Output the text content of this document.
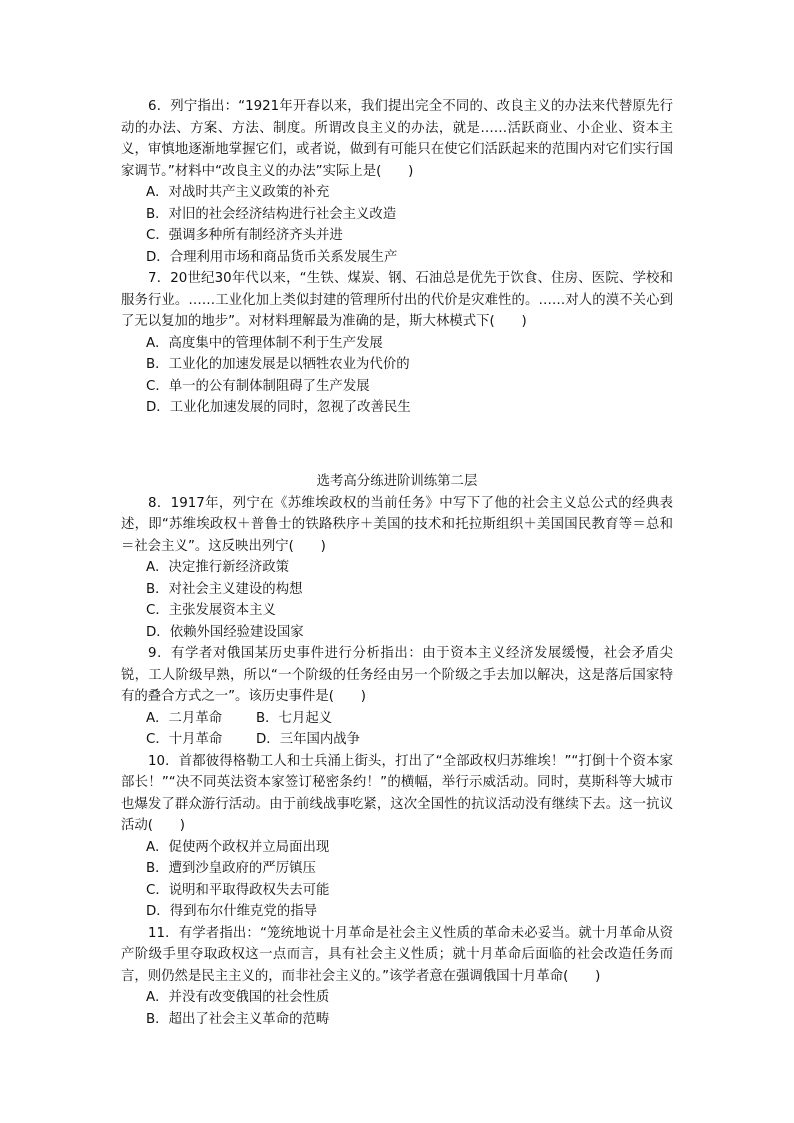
6．列宁指出：“1921年开春以来，我们提出完全不同的、改良主义的办法来代替原先行动的办法、方案、方法、制度。所谓改良主义的办法，就是……活跃商业、小企业、资本主义，审慎地逐渐地掌握它们，或者说，做到有可能只在使它们活跃起来的范围内对它们实行国家调节。”材料中“改良主义的办法”实际上是(　　)

A．对战时共产主义政策的补充
B．对旧的社会经济结构进行社会主义改造
C．强调多种所有制经济齐头并进
D．合理利用市场和商品货币关系发展生产

7．20世纪30年代以来，“生铁、煤炭、钢、石油总是优先于饮食、住房、医院、学校和服务行业。……工业化加上类似封建的管理所付出的代价是灾难性的。……对人的漠不关心到了无以复加的地步”。对材料理解最为准确的是，斯大林模式下(　　)

A．高度集中的管理体制不利于生产发展
B．工业化的加速发展是以牺牲农业为代价的
C．单一的公有制体制阻碍了生产发展
D．工业化加速发展的同时，忽视了改善民生

选考高分练进阶训练第二层

8．1917年，列宁在《苏维埃政权的当前任务》中写下了他的社会主义总公式的经典表述，即“苏维埃政权＋普鲁士的铁路秩序＋美国的技术和托拉斯组织＋美国国民教育等＝总和＝社会主义”。这反映出列宁(　　)

A．决定推行新经济政策
B．对社会主义建设的构想
C．主张发展资本主义
D．依赖外国经验建设国家

9．有学者对俄国某历史事件进行分析指出：由于资本主义经济发展缓慢，社会矛盾尖锐，工人阶级早熟，所以“一个阶级的任务经由另一个阶级之手去加以解决，这是落后国家特有的叠合方式之一”。该历史事件是(　　)

A．二月革命	B．七月起义
C．十月革命	D．三年国内战争

10．首都彼得格勒工人和士兵涌上街头，打出了“全部政权归苏维埃！”“打倒十个资本家部长！”“决不同英法资本家签订秘密条约！”的横幅，举行示威活动。同时，莫斯科等大城市也爆发了群众游行活动。由于前线战事吃紧，这次全国性的抗议活动没有继续下去。这一抗议活动(　　)

A．促使两个政权并立局面出现
B．遭到沙皇政府的严厉镇压
C．说明和平取得政权失去可能
D．得到布尔什维克党的指导

11．有学者指出：“笼统地说十月革命是社会主义性质的革命未必妥当。就十月革命从资产阶级手里夺取政权这一点而言，具有社会主义性质；就十月革命后面临的社会改造任务而言，则仍然是民主主义的，而非社会主义的。”该学者意在强调俄国十月革命(　　)

A．并没有改变俄国的社会性质
B．超出了社会主义革命的范畴
